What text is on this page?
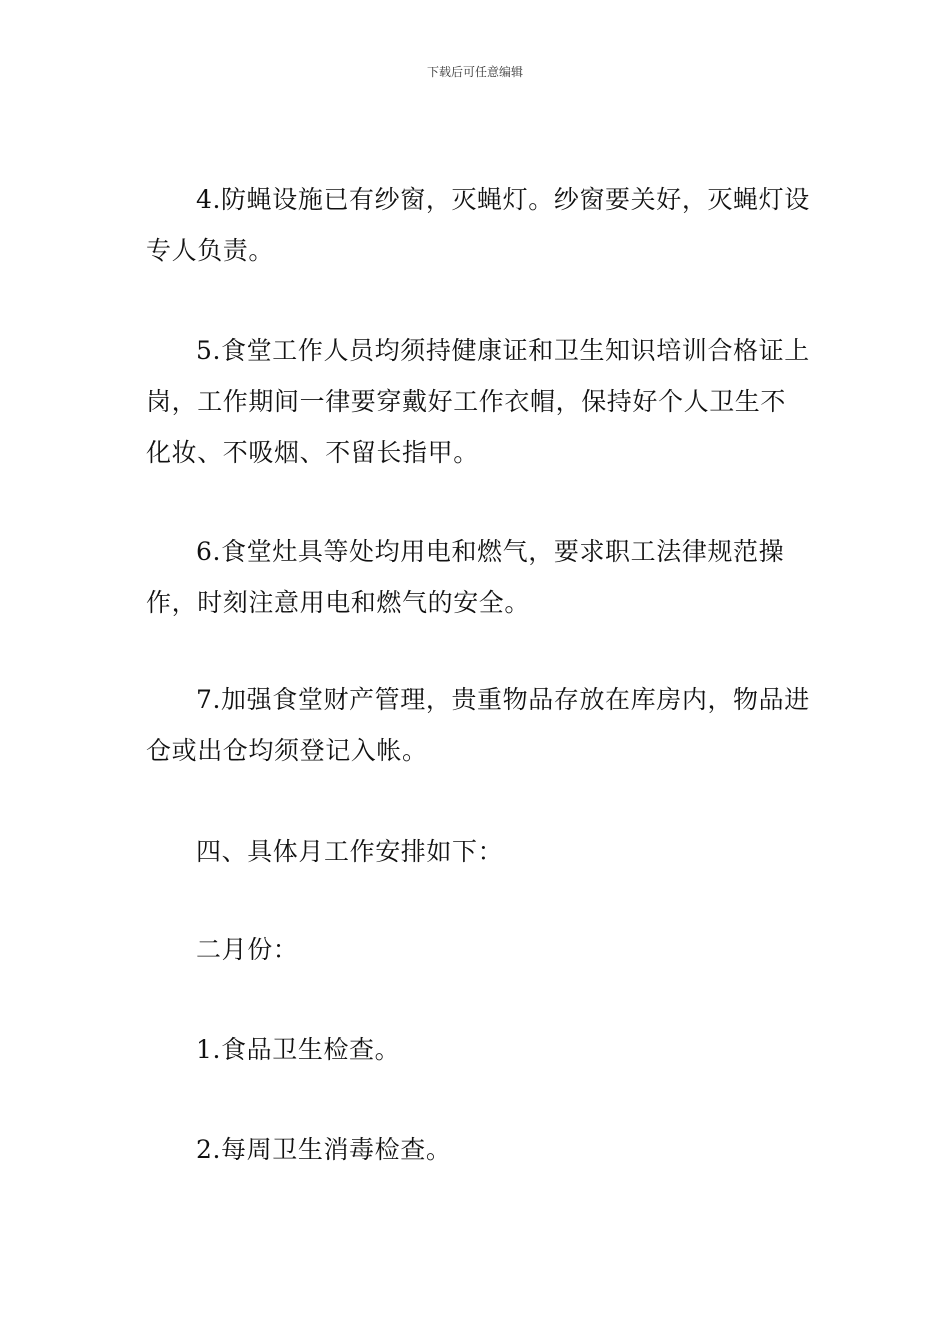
下载后可任意编辑

4.防蝇设施已有纱窗，灭蝇灯。纱窗要关好，灭蝇灯设专人负责。

5.食堂工作人员均须持健康证和卫生知识培训合格证上岗，工作期间一律要穿戴好工作衣帽，保持好个人卫生不化妆、不吸烟、不留长指甲。

6.食堂灶具等处均用电和燃气，要求职工法律规范操作，时刻注意用电和燃气的安全。

7.加强食堂财产管理，贵重物品存放在库房内，物品进仓或出仓均须登记入帐。

四、具体月工作安排如下：

二月份：

1.食品卫生检查。

2.每周卫生消毒检查。
